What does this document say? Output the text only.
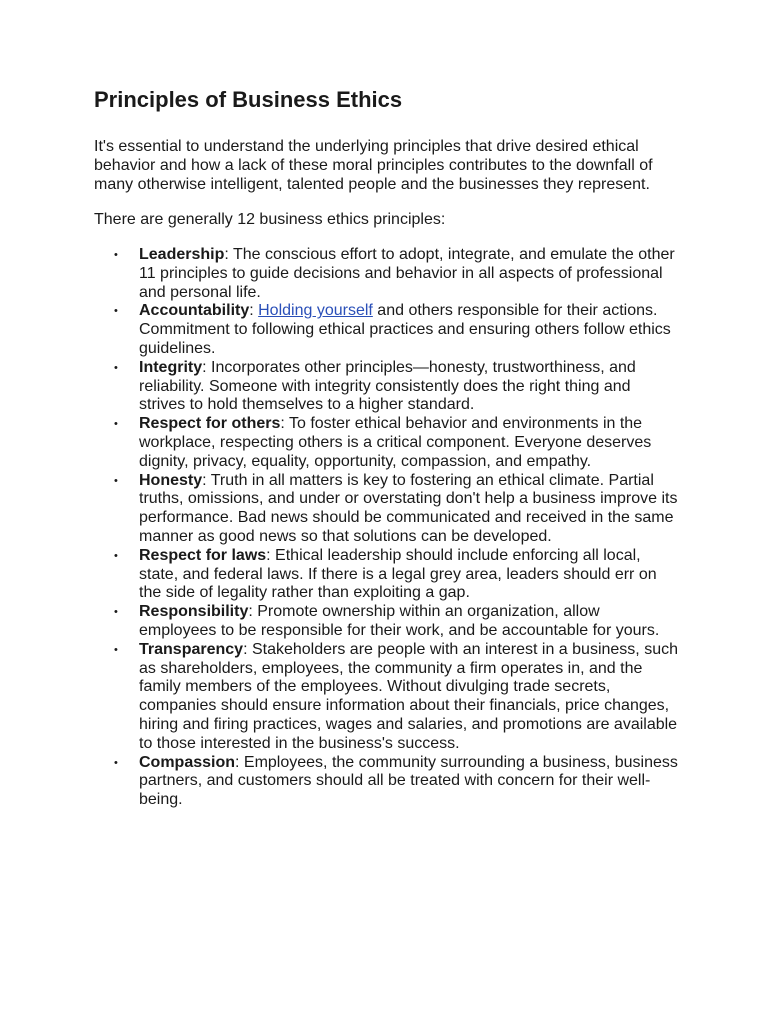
Principles of Business Ethics

It's essential to understand the underlying principles that drive desired ethical behavior and how a lack of these moral principles contributes to the downfall of many otherwise intelligent, talented people and the businesses they represent.

There are generally 12 business ethics principles:

• Leadership: The conscious effort to adopt, integrate, and emulate the other 11 principles to guide decisions and behavior in all aspects of professional and personal life.
• Accountability: Holding yourself and others responsible for their actions. Commitment to following ethical practices and ensuring others follow ethics guidelines.
• Integrity: Incorporates other principles—honesty, trustworthiness, and reliability. Someone with integrity consistently does the right thing and strives to hold themselves to a higher standard.
• Respect for others: To foster ethical behavior and environments in the workplace, respecting others is a critical component. Everyone deserves dignity, privacy, equality, opportunity, compassion, and empathy.
• Honesty: Truth in all matters is key to fostering an ethical climate. Partial truths, omissions, and under or overstating don't help a business improve its performance. Bad news should be communicated and received in the same manner as good news so that solutions can be developed.
• Respect for laws: Ethical leadership should include enforcing all local, state, and federal laws. If there is a legal grey area, leaders should err on the side of legality rather than exploiting a gap.
• Responsibility: Promote ownership within an organization, allow employees to be responsible for their work, and be accountable for yours.
• Transparency: Stakeholders are people with an interest in a business, such as shareholders, employees, the community a firm operates in, and the family members of the employees. Without divulging trade secrets, companies should ensure information about their financials, price changes, hiring and firing practices, wages and salaries, and promotions are available to those interested in the business's success.
• Compassion: Employees, the community surrounding a business, business partners, and customers should all be treated with concern for their well-being.
